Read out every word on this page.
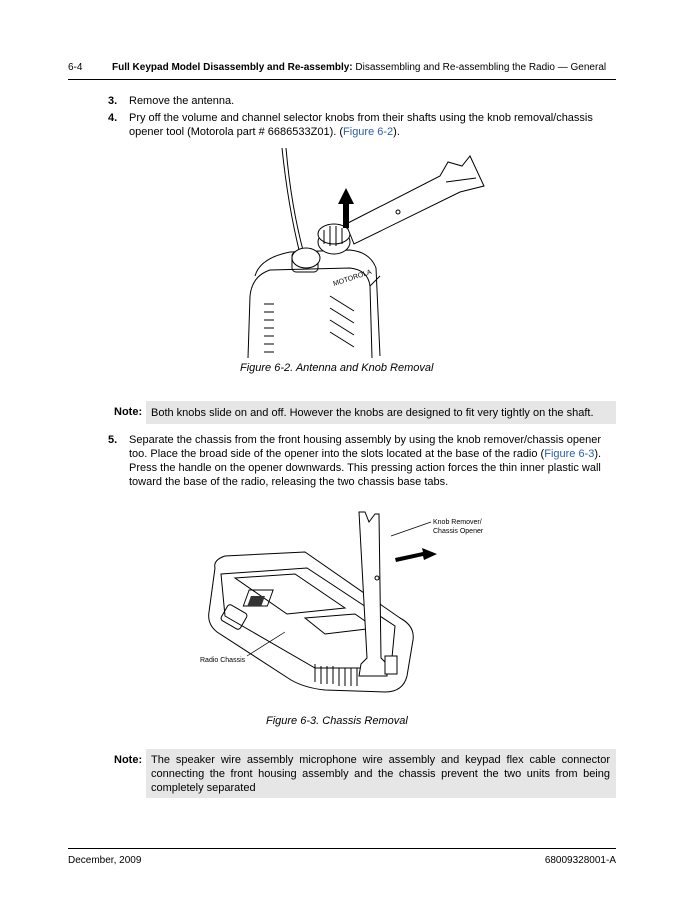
6-4	Full Keypad Model Disassembly and Re-assembly: Disassembling and Re-assembling the Radio — General
3. Remove the antenna.
4. Pry off the volume and channel selector knobs from their shafts using the knob removal/chassis opener tool (Motorola part # 6686533Z01). (Figure 6-2).
MOTOROLA
Figure 6-2. Antenna and Knob Removal
Note: Both knobs slide on and off. However the knobs are designed to fit very tightly on the shaft.
5. Separate the chassis from the front housing assembly by using the knob remover/chassis opener too. Place the broad side of the opener into the slots located at the base of the radio (Figure 6-3). Press the handle on the opener downwards. This pressing action forces the thin inner plastic wall toward the base of the radio, releasing the two chassis base tabs.
Knob Remover/
Chassis Opener
Radio Chassis
Figure 6-3. Chassis Removal
Note: The speaker wire assembly microphone wire assembly and keypad flex cable connector connecting the front housing assembly and the chassis prevent the two units from being completely separated
December, 2009	68009328001-A
